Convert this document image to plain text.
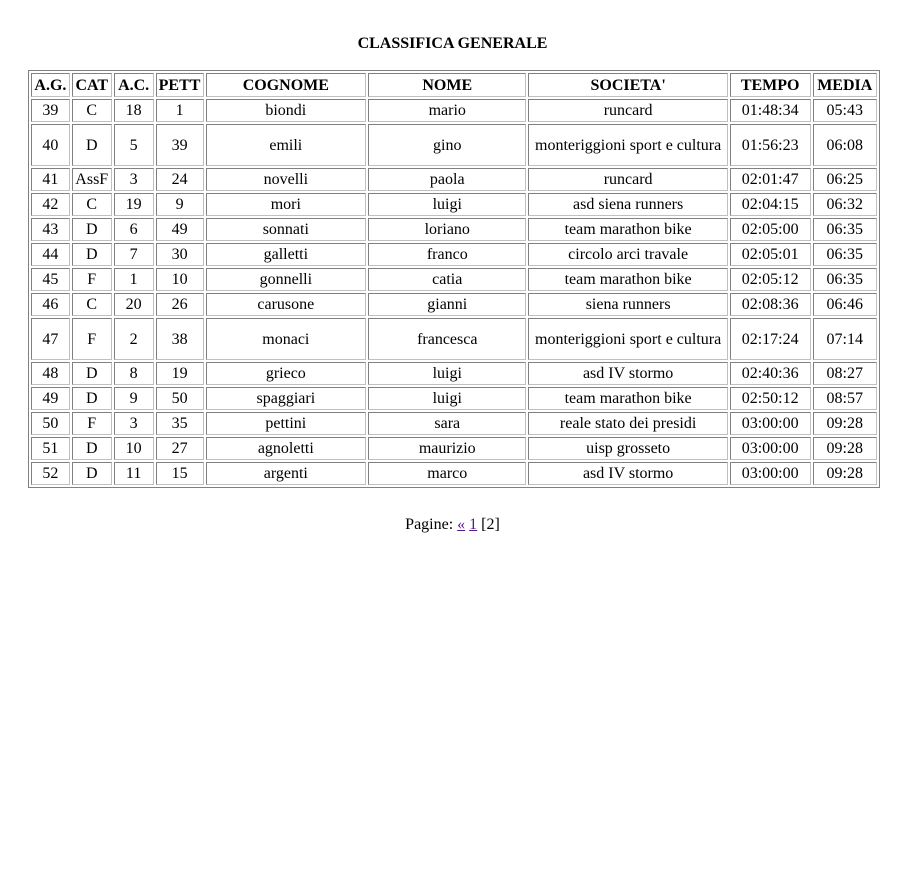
CLASSIFICA GENERALE
A.G.	CAT	A.C.	PETT	COGNOME	NOME	SOCIETA'	TEMPO	MEDIA
39	C	18	1	biondi	mario	runcard	01:48:34	05:43
40	D	5	39	emili	gino	monteriggioni sport e cultura	01:56:23	06:08
41	AssF	3	24	novelli	paola	runcard	02:01:47	06:25
42	C	19	9	mori	luigi	asd siena runners	02:04:15	06:32
43	D	6	49	sonnati	loriano	team marathon bike	02:05:00	06:35
44	D	7	30	galletti	franco	circolo arci travale	02:05:01	06:35
45	F	1	10	gonnelli	catia	team marathon bike	02:05:12	06:35
46	C	20	26	carusone	gianni	siena runners	02:08:36	06:46
47	F	2	38	monaci	francesca	monteriggioni sport e cultura	02:17:24	07:14
48	D	8	19	grieco	luigi	asd IV stormo	02:40:36	08:27
49	D	9	50	spaggiari	luigi	team marathon bike	02:50:12	08:57
50	F	3	35	pettini	sara	reale stato dei presidi	03:00:00	09:28
51	D	10	27	agnoletti	maurizio	uisp grosseto	03:00:00	09:28
52	D	11	15	argenti	marco	asd IV stormo	03:00:00	09:28
Pagine: « 1 [2]
